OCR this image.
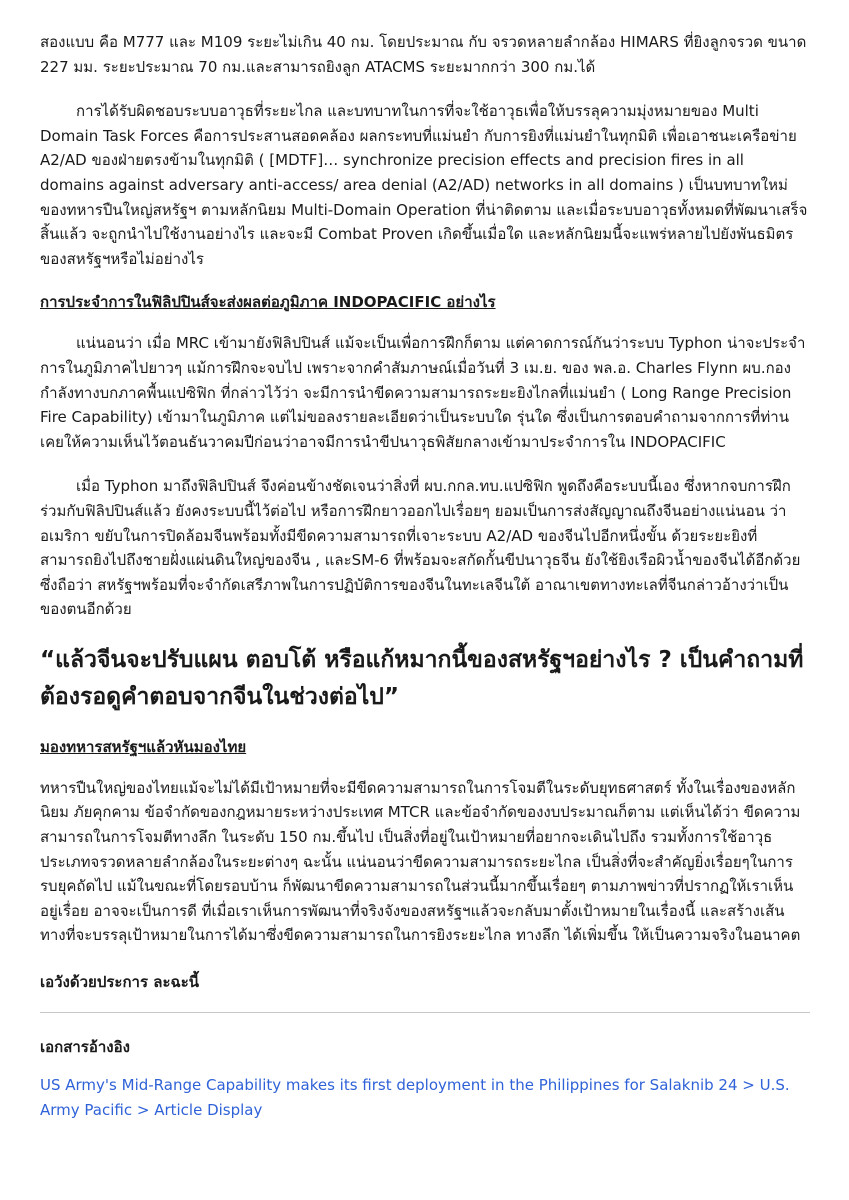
สองแบบ คือ M777 และ M109 ระยะไม่เกิน 40 กม. โดยประมาณ กับ จรวดหลายลำกล้อง HIMARS ที่ยิงลูกจรวด ขนาด 227 มม. ระยะประมาณ 70 กม.และสามารถยิงลูก ATACMS ระยะมากกว่า 300 กม.ได้

การได้รับผิดชอบระบบอาวุธที่ระยะไกล และบทบาทในการที่จะใช้อาวุธเพื่อให้บรรลุความมุ่งหมายของ Multi Domain Task Forces คือการประสานสอดคล้อง ผลกระทบที่แม่นยำ กับการยิงที่แม่นยำในทุกมิติ เพื่อเอาชนะเครือข่าย A2/AD ของฝ่ายตรงข้ามในทุกมิติ ( [MDTF]… synchronize precision effects and precision fires in all domains against adversary anti-access/ area denial (A2/AD) networks in all domains ) เป็นบทบาทใหม่ของทหารปืนใหญ่สหรัฐฯ ตามหลักนิยม Multi-Domain Operation ที่น่าติดตาม และเมื่อระบบอาวุธทั้งหมดที่พัฒนาเสร็จสิ้นแล้ว จะถูกนำไปใช้งานอย่างไร และจะมี Combat Proven เกิดขึ้นเมื่อใด และหลักนิยมนี้จะแพร่หลายไปยังพันธมิตรของสหรัฐฯหรือไม่อย่างไร

การประจำการในฟิลิปปินส์จะส่งผลต่อภูมิภาค INDOPACIFIC อย่างไร

แน่นอนว่า เมื่อ MRC เข้ามายังฟิลิปปินส์ แม้จะเป็นเพื่อการฝึกก็ตาม แต่คาดการณ์กันว่าระบบ Typhon น่าจะประจำการในภูมิภาคไปยาวๆ แม้การฝึกจะจบไป เพราะจากคำสัมภาษณ์เมื่อวันที่ 3 เม.ย. ของ พล.อ. Charles Flynn ผบ.กองกำลังทางบกภาคพื้นแปซิฟิก ที่กล่าวไว้ว่า จะมีการนำขีดความสามารถระยะยิงไกลที่แม่นยำ ( Long Range Precision Fire Capability) เข้ามาในภูมิภาค แต่ไม่ขอลงรายละเอียดว่าเป็นระบบใด รุ่นใด ซึ่งเป็นการตอบคำถามจากการที่ท่านเคยให้ความเห็นไว้ตอนธันวาคมปีก่อนว่าอาจมีการนำขีปนาวุธพิสัยกลางเข้ามาประจำการใน INDOPACIFIC

เมื่อ Typhon มาถึงฟิลิปปินส์ จึงค่อนข้างชัดเจนว่าสิ่งที่ ผบ.กกล.ทบ.แปซิฟิก พูดถึงคือระบบนี้เอง ซึ่งหากจบการฝึกร่วมกับฟิลิปปินส์แล้ว ยังคงระบบนี้ไว้ต่อไป หรือการฝึกยาวออกไปเรื่อยๆ ยอมเป็นการส่งสัญญาณถึงจีนอย่างแน่นอน ว่าอเมริกา ขยับในการปิดล้อมจีนพร้อมทั้งมีขีดความสามารถที่เจาะระบบ A2/AD ของจีนไปอีกหนึ่งขั้น ด้วยระยะยิงที่สามารถยิงไปถึงชายฝั่งแผ่นดินใหญ่ของจีน , และSM-6 ที่พร้อมจะสกัดกั้นขีปนาวุธจีน ยังใช้ยิงเรือผิวน้ำของจีนได้อีกด้วย ซึ่งถือว่า สหรัฐฯพร้อมที่จะจำกัดเสรีภาพในการปฏิบัติการของจีนในทะเลจีนใต้ อาณาเขตทางทะเลที่จีนกล่าวอ้างว่าเป็นของตนอีกด้วย

“แล้วจีนจะปรับแผน ตอบโต้ หรือแก้หมากนี้ของสหรัฐฯอย่างไร ? เป็นคำถามที่ต้องรอดูคำตอบจากจีนในช่วงต่อไป”
มองทหารสหรัฐฯแล้วหันมองไทย

ทหารปืนใหญ่ของไทยแม้จะไม่ได้มีเป้าหมายที่จะมีขีดความสามารถในการโจมตีในระดับยุทธศาสตร์ ทั้งในเรื่องของหลักนิยม ภัยคุกคาม ข้อจำกัดของกฎหมายระหว่างประเทศ MTCR และข้อจำกัดของงบประมาณก็ตาม แต่เห็นได้ว่า ขีดความสามารถในการโจมตีทางลึก ในระดับ 150 กม.ขึ้นไป เป็นสิ่งที่อยู่ในเป้าหมายที่อยากจะเดินไปถึง รวมทั้งการใช้อาวุธประเภทจรวดหลายลำกล้องในระยะต่างๆ ฉะนั้น แน่นอนว่าขีดความสามารถระยะไกล เป็นสิ่งที่จะสำคัญยิ่งเรื่อยๆในการรบยุคถัดไป แม้ในขณะที่โดยรอบบ้าน ก็พัฒนาขีดความสามารถในส่วนนี้มากขึ้นเรื่อยๆ ตามภาพข่าวที่ปรากฏให้เราเห็นอยู่เรื่อย อาจจะเป็นการดี ที่เมื่อเราเห็นการพัฒนาที่จริงจังของสหรัฐฯแล้วจะกลับมาตั้งเป้าหมายในเรื่องนี้ และสร้างเส้นทางที่จะบรรลุเป้าหมายในการได้มาซึ่งขีดความสามารถในการยิงระยะไกล ทางลึก ได้เพิ่มขึ้น ให้เป็นความจริงในอนาคต

เอวังด้วยประการ ละฉะนี้

เอกสารอ้างอิง

US Army's Mid-Range Capability makes its first deployment in the Philippines for Salaknib 24 > U.S. Army Pacific > Article Display
